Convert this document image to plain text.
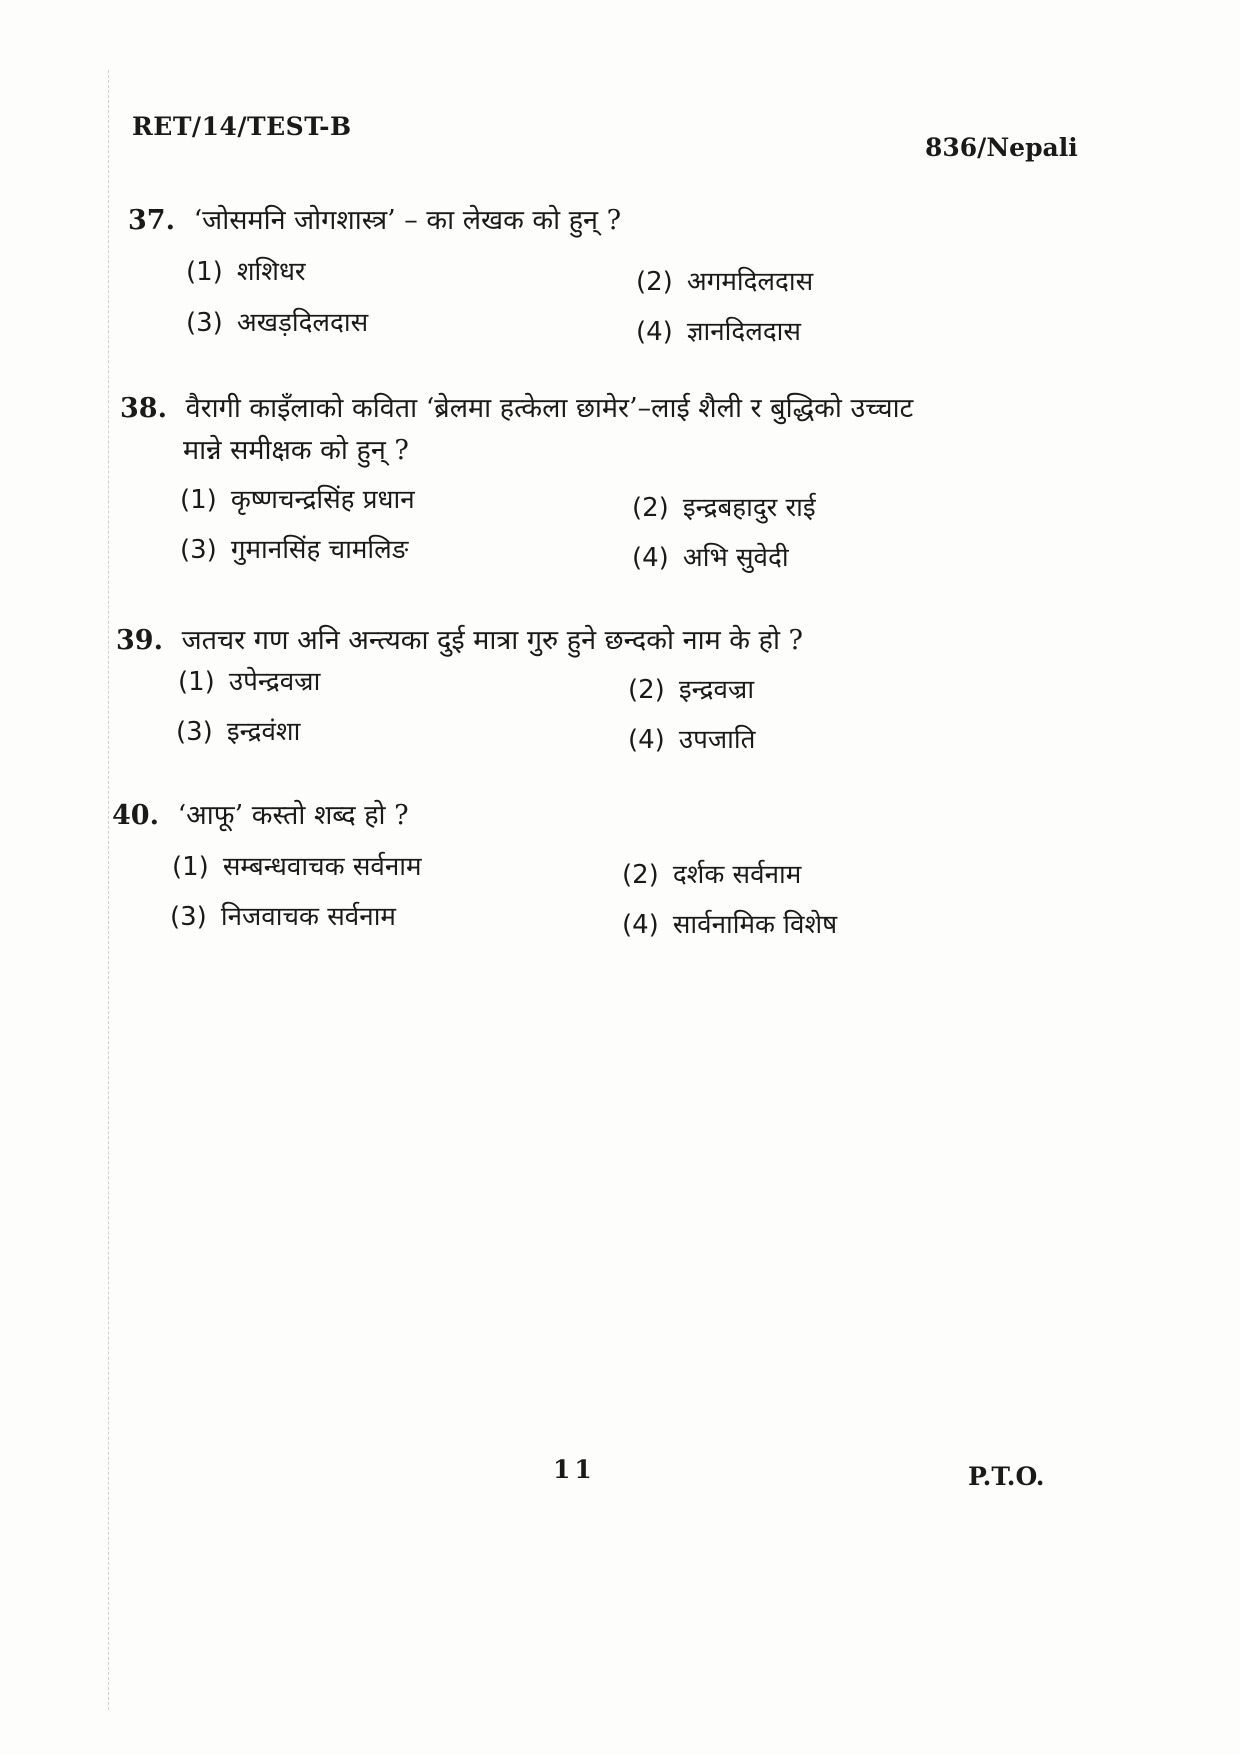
RET/14/TEST-B
836/Nepali
37. ‘जोसमनि जोगशास्त्र’ – का लेखक को हुन् ?
(1) शशिधर	(2) अगमदिलदास
(3) अखड़दिलदास	(4) ज्ञानदिलदास
38. वैरागी काइँलाको कविता ‘ब्रेलमा हत्केला छामेर’–लाई शैली र बुद्धिको उच्चाट
मान्ने समीक्षक को हुन् ?
(1) कृष्णचन्द्रसिंह प्रधान	(2) इन्द्रबहादुर राई
(3) गुमानसिंह चामलिङ	(4) अभि सुवेदी
39. जतचर गण अनि अन्त्यका दुई मात्रा गुरु हुने छन्दको नाम के हो ?
(1) उपेन्द्रवज्रा	(2) इन्द्रवज्रा
(3) इन्द्रवंशा	(4) उपजाति
40. ‘आफू’ कस्तो शब्द हो ?
(1) सम्बन्धवाचक सर्वनाम	(2) दर्शक सर्वनाम
(3) निजवाचक सर्वनाम	(4) सार्वनामिक विशेष
11	P.T.O.
